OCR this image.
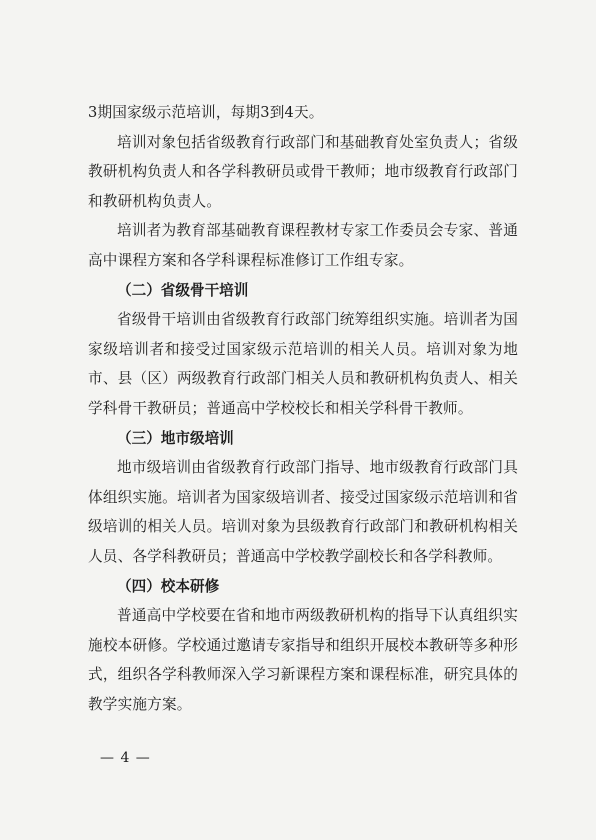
3期国家级示范培训，每期3到4天。

培训对象包括省级教育行政部门和基础教育处室负责人；省级教研机构负责人和各学科教研员或骨干教师；地市级教育行政部门和教研机构负责人。

培训者为教育部基础教育课程教材专家工作委员会专家、普通高中课程方案和各学科课程标准修订工作组专家。

（二）省级骨干培训

省级骨干培训由省级教育行政部门统筹组织实施。培训者为国家级培训者和接受过国家级示范培训的相关人员。培训对象为地市、县（区）两级教育行政部门相关人员和教研机构负责人、相关学科骨干教研员；普通高中学校校长和相关学科骨干教师。

（三）地市级培训

地市级培训由省级教育行政部门指导、地市级教育行政部门具体组织实施。培训者为国家级培训者、接受过国家级示范培训和省级培训的相关人员。培训对象为县级教育行政部门和教研机构相关人员、各学科教研员；普通高中学校教学副校长和各学科教师。

（四）校本研修

普通高中学校要在省和地市两级教研机构的指导下认真组织实施校本研修。学校通过邀请专家指导和组织开展校本教研等多种形式，组织各学科教师深入学习新课程方案和课程标准，研究具体的教学实施方案。

— 4 —
